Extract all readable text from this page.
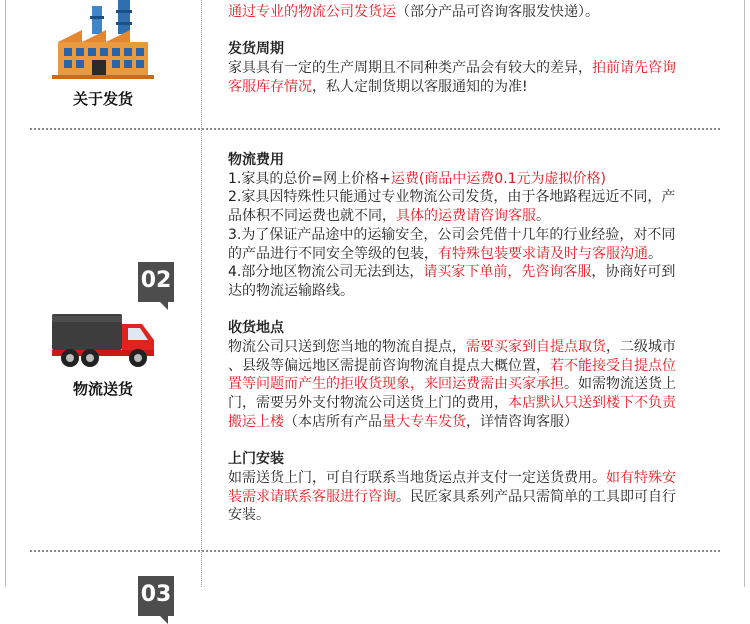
关于发货

通过专业的物流公司发货运（部分产品可咨询客服发快递）。

发货周期

家具具有一定的生产周期且不同种类产品会有较大的差异，拍前请先咨询

客服库存情况，私人定制货期以客服通知的为准!

02
物流送货

物流费用

1.家具的总价=网上价格+运费(商品中运费0.1元为虚拟价格)

2.家具因特殊性只能通过专业物流公司发货，由于各地路程远近不同，产

品体积不同运费也就不同，具体的运费请咨询客服。

3.为了保证产品途中的运输安全，公司会凭借十几年的行业经验，对不同

的产品进行不同安全等级的包装，有特殊包装要求请及时与客服沟通。

4.部分地区物流公司无法到达，请买家下单前，先咨询客服，协商好可到

达的物流运输路线。

收货地点

物流公司只送到您当地的物流自提点，需要买家到自提点取货，二级城市

、县级等偏远地区需提前咨询物流自提点大概位置，若不能接受自提点位

置等问题而产生的拒收货现象，来回运费需由买家承担。如需物流送货上

门，需要另外支付物流公司送货上门的费用，本店默认只送到楼下不负责

搬运上楼（本店所有产品量大专车发货，详情咨询客服）

上门安装

如需送货上门，可自行联系当地货运点并支付一定送货费用。如有特殊安

装需求请联系客服进行咨询。民匠家具系列产品只需简单的工具即可自行

安装。

03
